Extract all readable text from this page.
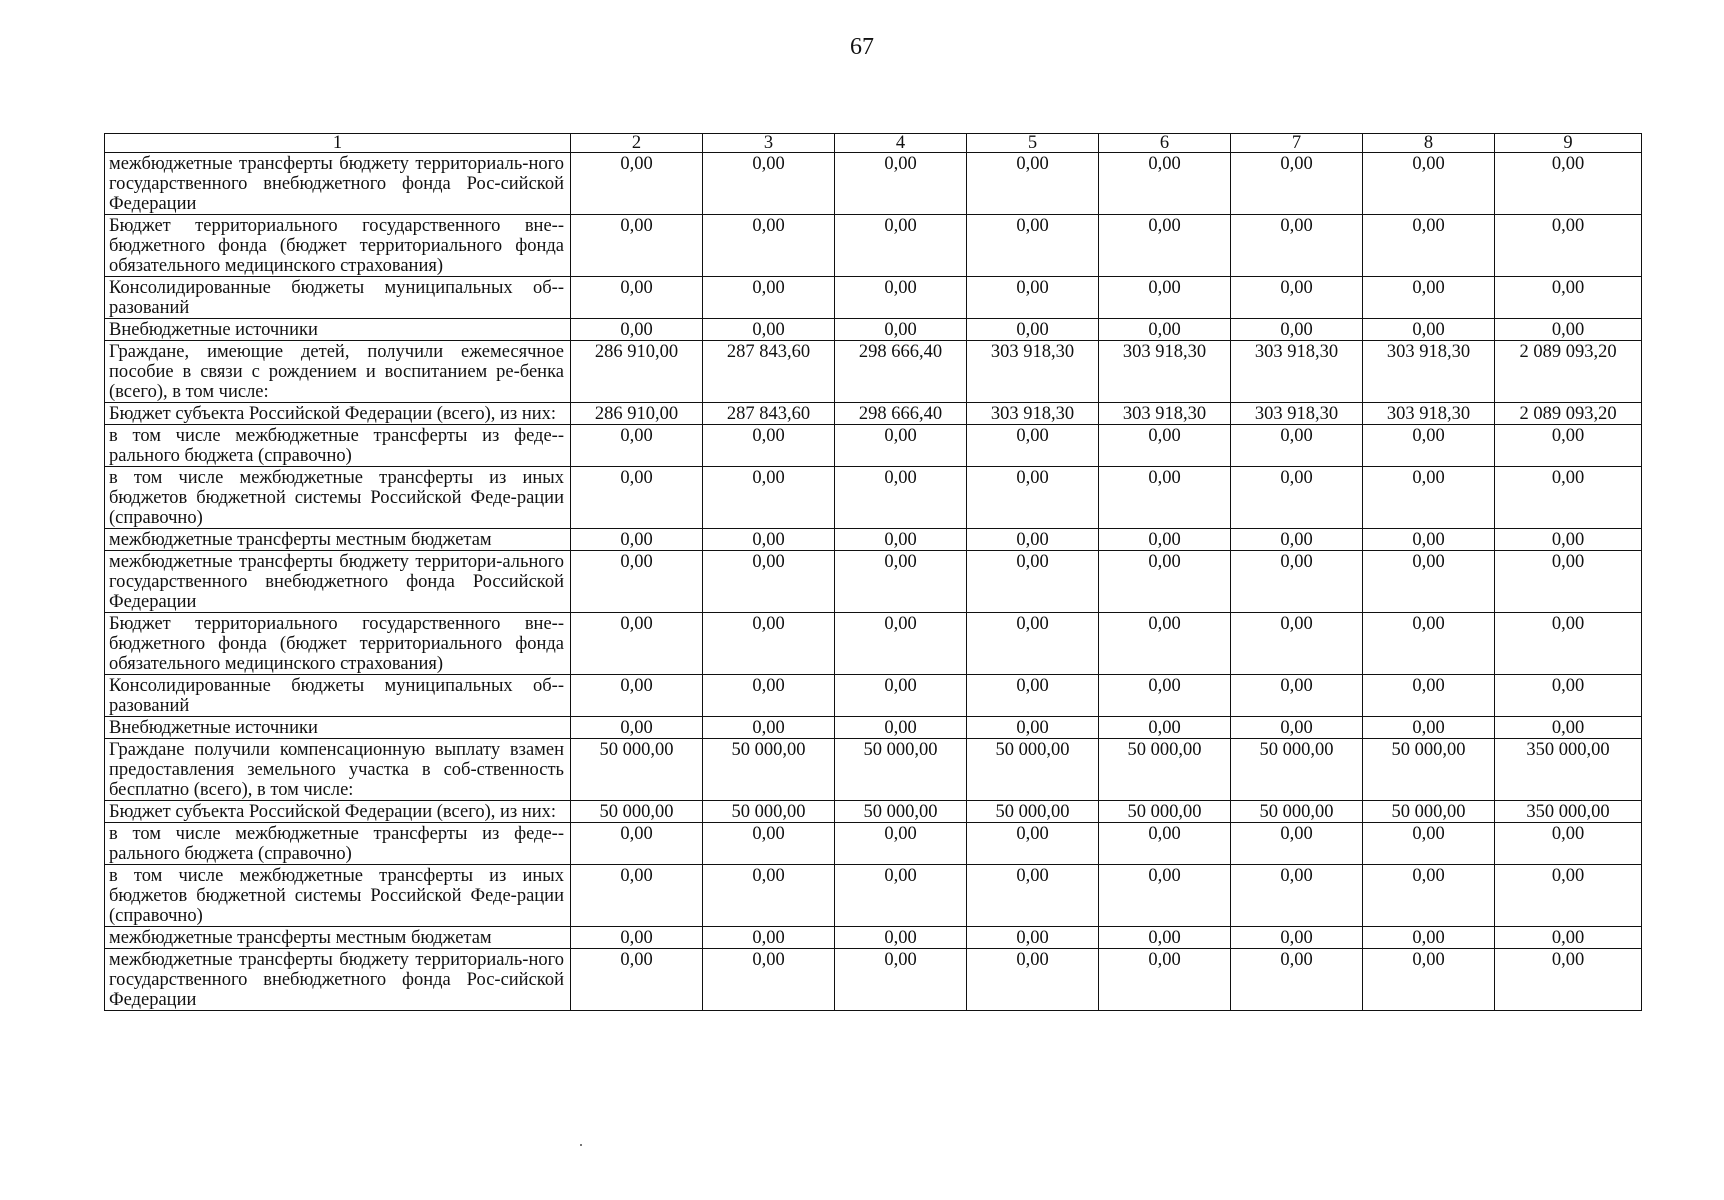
67
1	2	3	4	5	6	7	8	9
межбюджетные трансферты бюджету территориаль-ного государственного внебюджетного фонда Рос-сийской Федерации	0,00	0,00	0,00	0,00	0,00	0,00	0,00	0,00
Бюджет территориального государственного вне-бюджетного фонда (бюджет территориального фонда обязательного медицинского страхования)	0,00	0,00	0,00	0,00	0,00	0,00	0,00	0,00
Консолидированные бюджеты муниципальных об-разований	0,00	0,00	0,00	0,00	0,00	0,00	0,00	0,00
Внебюджетные источники	0,00	0,00	0,00	0,00	0,00	0,00	0,00	0,00
Граждане, имеющие детей, получили ежемесячное пособие в связи с рождением и воспитанием ре-бенка (всего), в том числе:	286 910,00	287 843,60	298 666,40	303 918,30	303 918,30	303 918,30	303 918,30	2 089 093,20
Бюджет субъекта Российской Федерации (всего), из них:	286 910,00	287 843,60	298 666,40	303 918,30	303 918,30	303 918,30	303 918,30	2 089 093,20
в том числе межбюджетные трансферты из феде-рального бюджета (справочно)	0,00	0,00	0,00	0,00	0,00	0,00	0,00	0,00
в том числе межбюджетные трансферты из иных бюджетов бюджетной системы Российской Феде-рации (справочно)	0,00	0,00	0,00	0,00	0,00	0,00	0,00	0,00
межбюджетные трансферты местным бюджетам	0,00	0,00	0,00	0,00	0,00	0,00	0,00	0,00
межбюджетные трансферты бюджету территори-ального государственного внебюджетного фонда Российской Федерации	0,00	0,00	0,00	0,00	0,00	0,00	0,00	0,00
Бюджет территориального государственного вне-бюджетного фонда (бюджет территориального фонда обязательного медицинского страхования)	0,00	0,00	0,00	0,00	0,00	0,00	0,00	0,00
Консолидированные бюджеты муниципальных об-разований	0,00	0,00	0,00	0,00	0,00	0,00	0,00	0,00
Внебюджетные источники	0,00	0,00	0,00	0,00	0,00	0,00	0,00	0,00
Граждане получили компенсационную выплату взамен предоставления земельного участка в соб-ственность бесплатно (всего), в том числе:	50 000,00	50 000,00	50 000,00	50 000,00	50 000,00	50 000,00	50 000,00	350 000,00
Бюджет субъекта Российской Федерации (всего), из них:	50 000,00	50 000,00	50 000,00	50 000,00	50 000,00	50 000,00	50 000,00	350 000,00
в том числе межбюджетные трансферты из феде-рального бюджета (справочно)	0,00	0,00	0,00	0,00	0,00	0,00	0,00	0,00
в том числе межбюджетные трансферты из иных бюджетов бюджетной системы Российской Феде-рации (справочно)	0,00	0,00	0,00	0,00	0,00	0,00	0,00	0,00
межбюджетные трансферты местным бюджетам	0,00	0,00	0,00	0,00	0,00	0,00	0,00	0,00
межбюджетные трансферты бюджету территориаль-ного государственного внебюджетного фонда Рос-сийской Федерации	0,00	0,00	0,00	0,00	0,00	0,00	0,00	0,00
